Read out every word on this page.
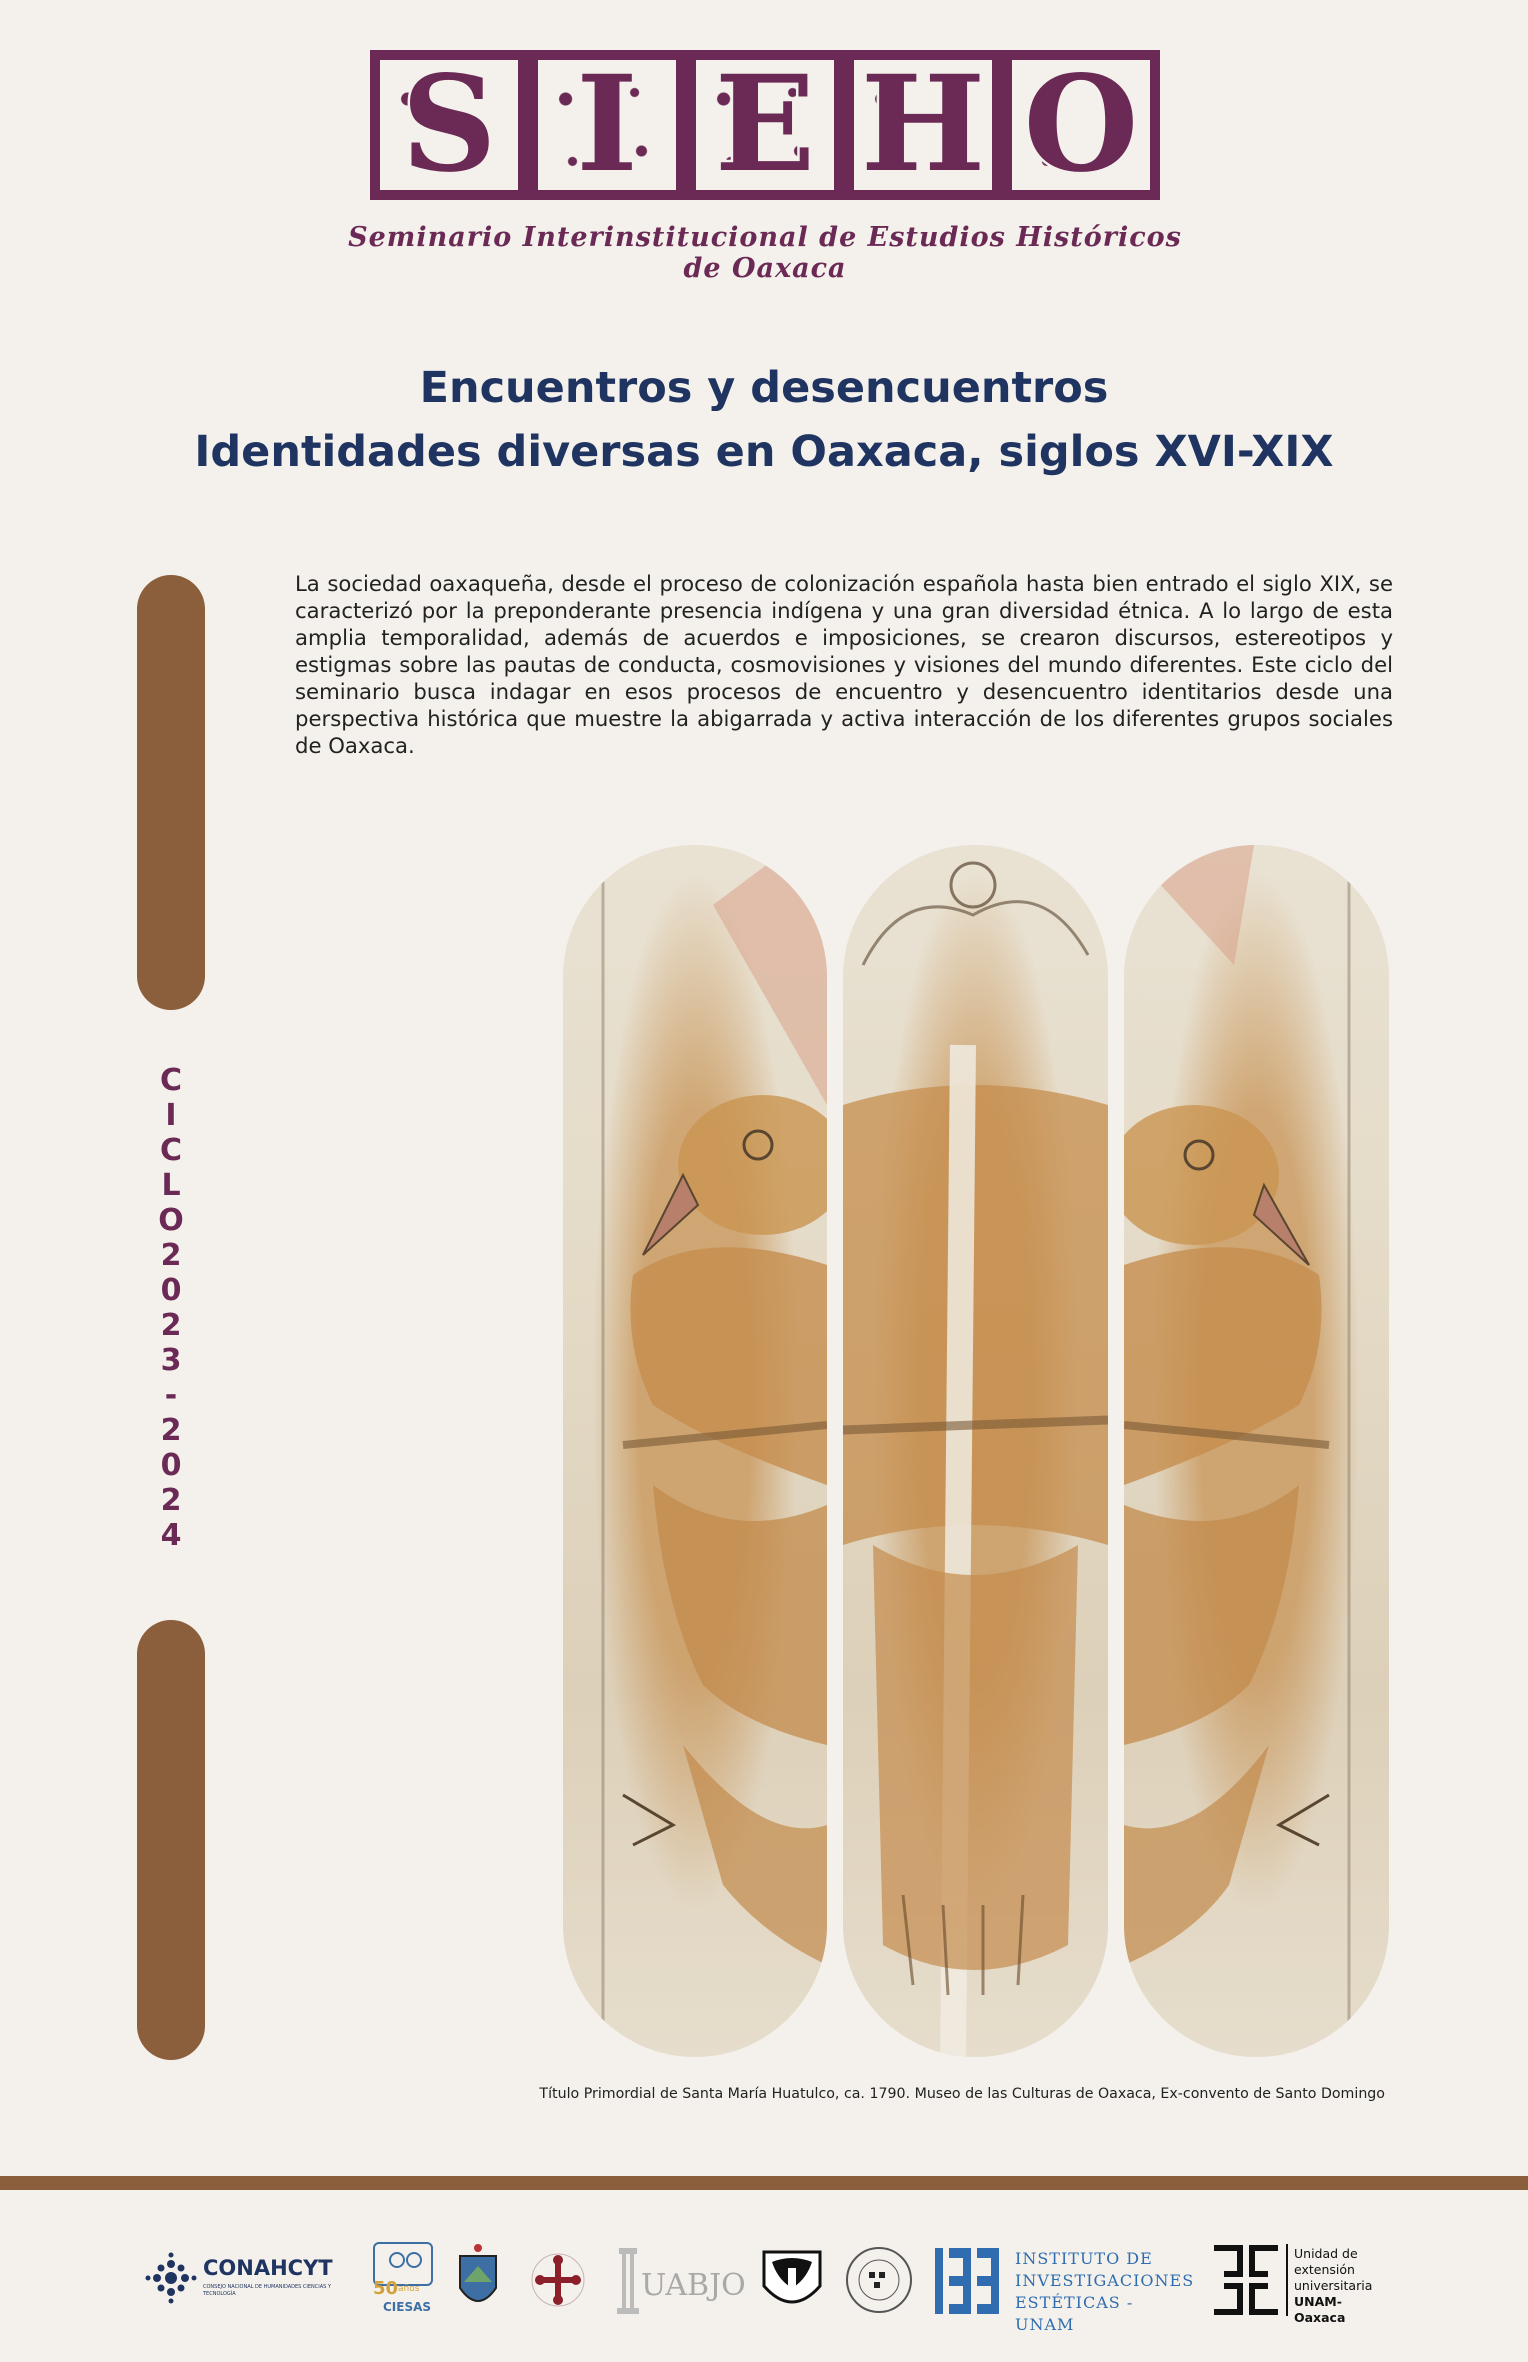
S I E H O
Seminario Interinstitucional de Estudios Históricos de Oaxaca
Encuentros y desencuentros
Identidades diversas en Oaxaca, siglos XVI-XIX
La sociedad oaxaqueña, desde el proceso de colonización española hasta bien entrado el siglo XIX, se caracterizó por la preponderante presencia indígena y una gran diversidad étnica. A lo largo de esta amplia temporalidad, además de acuerdos e imposiciones, se crearon discursos, estereotipos y estigmas sobre las pautas de conducta, cosmovisiones y visiones del mundo diferentes. Este ciclo del seminario busca indagar en esos procesos de encuentro y desencuentro identitarios desde una perspectiva histórica que muestre la abigarrada y activa interacción de los diferentes grupos sociales de Oaxaca.
C
I
C
L
O
2
0
2
3
-
2
0
2
4
Título Primordial de Santa María Huatulco, ca. 1790. Museo de las Culturas de Oaxaca, Ex-convento de Santo Domingo
CONAHCYT
CONSEJO NACIONAL DE HUMANIDADES CIENCIAS Y TECNOLOGÍA	50 años
CIESAS
UABJO
INSTITUTO DE
INVESTIGACIONES
ESTÉTICAS - UNAM
Unidad de
extensión
universitaria
UNAM-Oaxaca
